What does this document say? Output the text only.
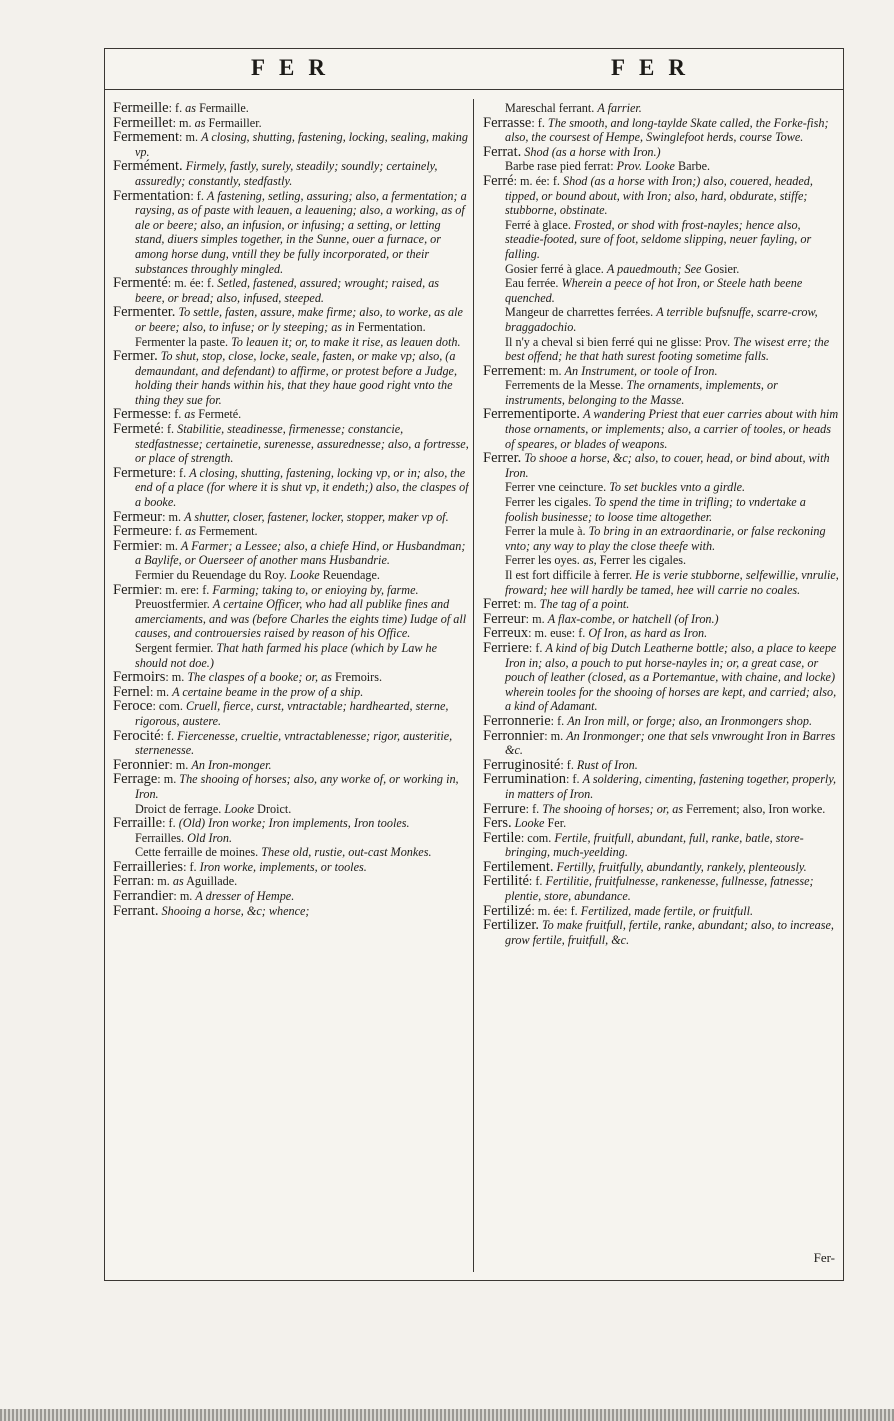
FER	FER
Fermeille: f. as Fermaille.
Fermeillet: m. as Fermailler.
Fermement: m. A closing, shutting, fastening, locking, sealing, making vp.
Fermément. Firmely, fastly, surely, steadily; soundly; certainely, assuredly; constantly, stedfastly.
Fermentation: f. A fastening, setling, assuring; also, a fermentation; a raysing, as of paste with leauen, a leauening; also, a working, as of ale or beere; also, an infusion, or infusing; a setting, or letting stand, diuers simples together, in the Sunne, ouer a furnace, or among horse dung, vntill they be fully incorporated, or their substances throughly mingled.
Fermenté: m. ée: f. Setled, fastened, assured; wrought; raised, as beere, or bread; also, infused, steeped.
Fermenter. To settle, fasten, assure, make firme; also, to worke, as ale or beere; also, to infuse; or ly steeping; as in Fermentation.
Fermenter la paste. To leauen it; or, to make it rise, as leauen doth.
Fermer. To shut, stop, close, locke, seale, fasten, or make vp; also, (a demaundant, and defendant) to affirme, or protest before a Judge, holding their hands within his, that they haue good right vnto the thing they sue for.
Fermesse: f. as Fermeté.
Fermeté: f. Stabilitie, steadinesse, firmenesse; constancie, stedfastnesse; certainetie, surenesse, assurednesse; also, a fortresse, or place of strength.
Fermeture: f. A closing, shutting, fastening, locking vp, or in; also, the end of a place (for where it is shut vp, it endeth;) also, the claspes of a booke.
Fermeur: m. A shutter, closer, fastener, locker, stopper, maker vp of.
Fermeure: f. as Fermement.
Fermier: m. A Farmer; a Lessee; also, a chiefe Hind, or Husbandman; a Baylife, or Ouerseer of another mans Husbandrie.
Fermier du Reuendage du Roy. Looke Reuendage.
Fermier: m. ere: f. Farming; taking to, or enioying by, farme.
Preuostfermier. A certaine Officer, who had all publike fines and amerciaments, and was (before Charles the eights time) Iudge of all causes, and controuersies raised by reason of his Office.
Sergent fermier. That hath farmed his place (which by Law he should not doe.)
Fermoirs: m. The claspes of a booke; or, as Fremoirs.
Fernel: m. A certaine beame in the prow of a ship.
Feroce: com. Cruell, fierce, curst, vntractable; hardhearted, sterne, rigorous, austere.
Ferocité: f. Fiercenesse, crueltie, vntractablenesse; rigor, austeritie, sternenesse.
Feronnier: m. An Iron-monger.
Ferrage: m. The shooing of horses; also, any worke of, or working in, Iron.
Droict de ferrage. Looke Droict.
Ferraille: f. (Old) Iron worke; Iron implements, Iron tooles.
Ferrailles. Old Iron.
Cette ferraille de moines. These old, rustie, out-cast Monkes.
Ferrailleries: f. Iron worke, implements, or tooles.
Ferran: m. as Aguillade.
Ferrandier: m. A dresser of Hempe.
Ferrant. Shooing a horse, &c; whence;
Mareschal ferrant. A farrier.
Ferrasse: f. The smooth, and long-taylde Skate called, the Forke-fish; also, the coursest of Hempe, Swinglefoot herds, course Towe.
Ferrat. Shod (as a horse with Iron.)
Barbe rase pied ferrat: Prov. Looke Barbe.
Ferré: m. ée: f. Shod (as a horse with Iron;) also, couered, headed, tipped, or bound about, with Iron; also, hard, obdurate, stiffe; stubborne, obstinate.
Ferré à glace. Frosted, or shod with frost-nayles; hence also, steadie-footed, sure of foot, seldome slipping, neuer fayling, or falling.
Gosier ferré à glace. A pauedmouth; See Gosier.
Eau ferrée. Wherein a peece of hot Iron, or Steele hath beene quenched.
Mangeur de charrettes ferrées. A terrible bufsnuffe, scarre-crow, braggadochio.
Il n'y a cheval si bien ferré qui ne glisse: Prov. The wisest erre; the best offend; he that hath surest footing sometime falls.
Ferrement: m. An Instrument, or toole of Iron.
Ferrements de la Messe. The ornaments, implements, or instruments, belonging to the Masse.
Ferrementiporte. A wandering Priest that euer carries about with him those ornaments, or implements; also, a carrier of tooles, or heads of speares, or blades of weapons.
Ferrer. To shooe a horse, &c; also, to couer, head, or bind about, with Iron.
Ferrer vne ceincture. To set buckles vnto a girdle.
Ferrer les cigales. To spend the time in trifling; to vndertake a foolish businesse; to loose time altogether.
Ferrer la mule à. To bring in an extraordinarie, or false reckoning vnto; any way to play the close theefe with.
Ferrer les oyes. as, Ferrer les cigales.
Il est fort difficile à ferrer. He is verie stubborne, selfewillie, vnrulie, froward; hee will hardly be tamed, hee will carrie no coales.
Ferret: m. The tag of a point.
Ferreur: m. A flax-combe, or hatchell (of Iron.)
Ferreux: m. euse: f. Of Iron, as hard as Iron.
Ferriere: f. A kind of big Dutch Leatherne bottle; also, a place to keepe Iron in; also, a pouch to put horse-nayles in; or, a great case, or pouch of leather (closed, as a Portemantue, with chaine, and locke) wherein tooles for the shooing of horses are kept, and carried; also, a kind of Adamant.
Ferronnerie: f. An Iron mill, or forge; also, an Ironmongers shop.
Ferronnier: m. An Ironmonger; one that sels vnwrought Iron in Barres &c.
Ferruginosité: f. Rust of Iron.
Ferrumination: f. A soldering, cimenting, fastening together, properly, in matters of Iron.
Ferrure: f. The shooing of horses; or, as Ferrement; also, Iron worke.
Fers. Looke Fer.
Fertile: com. Fertile, fruitfull, abundant, full, ranke, batle, store-bringing, much-yeelding.
Fertilement. Fertilly, fruitfully, abundantly, rankely, plenteously.
Fertilité: f. Fertilitie, fruitfulnesse, rankenesse, fullnesse, fatnesse; plentie, store, abundance.
Fertilizé: m. ée: f. Fertilized, made fertile, or fruitfull.
Fertilizer. To make fruitfull, fertile, ranke, abundant; also, to increase, grow fertile, fruitfull, &c.
Fer-
